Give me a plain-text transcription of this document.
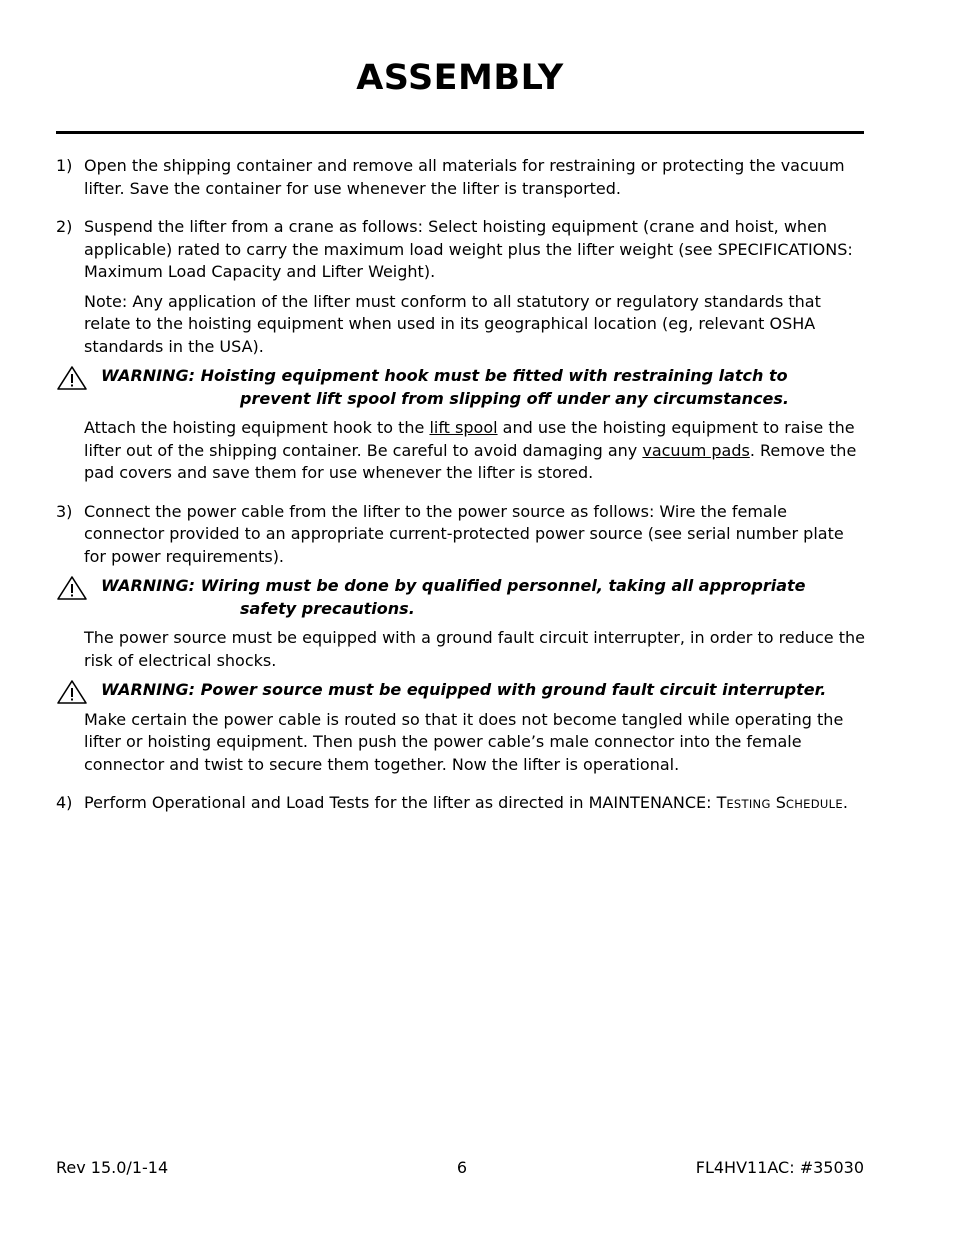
ASSEMBLY
1) Open the shipping container and remove all materials for restraining or protecting the vacuum lifter. Save the container for use whenever the lifter is transported.

2) Suspend the lifter from a crane as follows: Select hoisting equipment (crane and hoist, when applicable) rated to carry the maximum load weight plus the lifter weight (see SPECIFICATIONS: Maximum Load Capacity and Lifter Weight).

Note: Any application of the lifter must conform to all statutory or regulatory standards that relate to the hoisting equipment when used in its geographical location (eg, relevant OSHA standards in the USA).

WARNING: Hoisting equipment hook must be fitted with restraining latch to
prevent lift spool from slipping off under any circumstances.

Attach the hoisting equipment hook to the lift spool and use the hoisting equipment to raise the lifter out of the shipping container. Be careful to avoid damaging any vacuum pads. Remove the pad covers and save them for use whenever the lifter is stored.

3) Connect the power cable from the lifter to the power source as follows: Wire the female connector provided to an appropriate current-protected power source (see serial number plate for power requirements).

WARNING: Wiring must be done by qualified personnel, taking all appropriate
safety precautions.

The power source must be equipped with a ground fault circuit interrupter, in order to reduce the risk of electrical shocks.

WARNING: Power source must be equipped with ground fault circuit interrupter.

Make certain the power cable is routed so that it does not become tangled while operating the lifter or hoisting equipment. Then push the power cable’s male connector into the female connector and twist to secure them together. Now the lifter is operational.

4) Perform Operational and Load Tests for the lifter as directed in MAINTENANCE: TESTING SCHEDULE.

Rev 15.0/1-14	6	FL4HV11AC: #35030
